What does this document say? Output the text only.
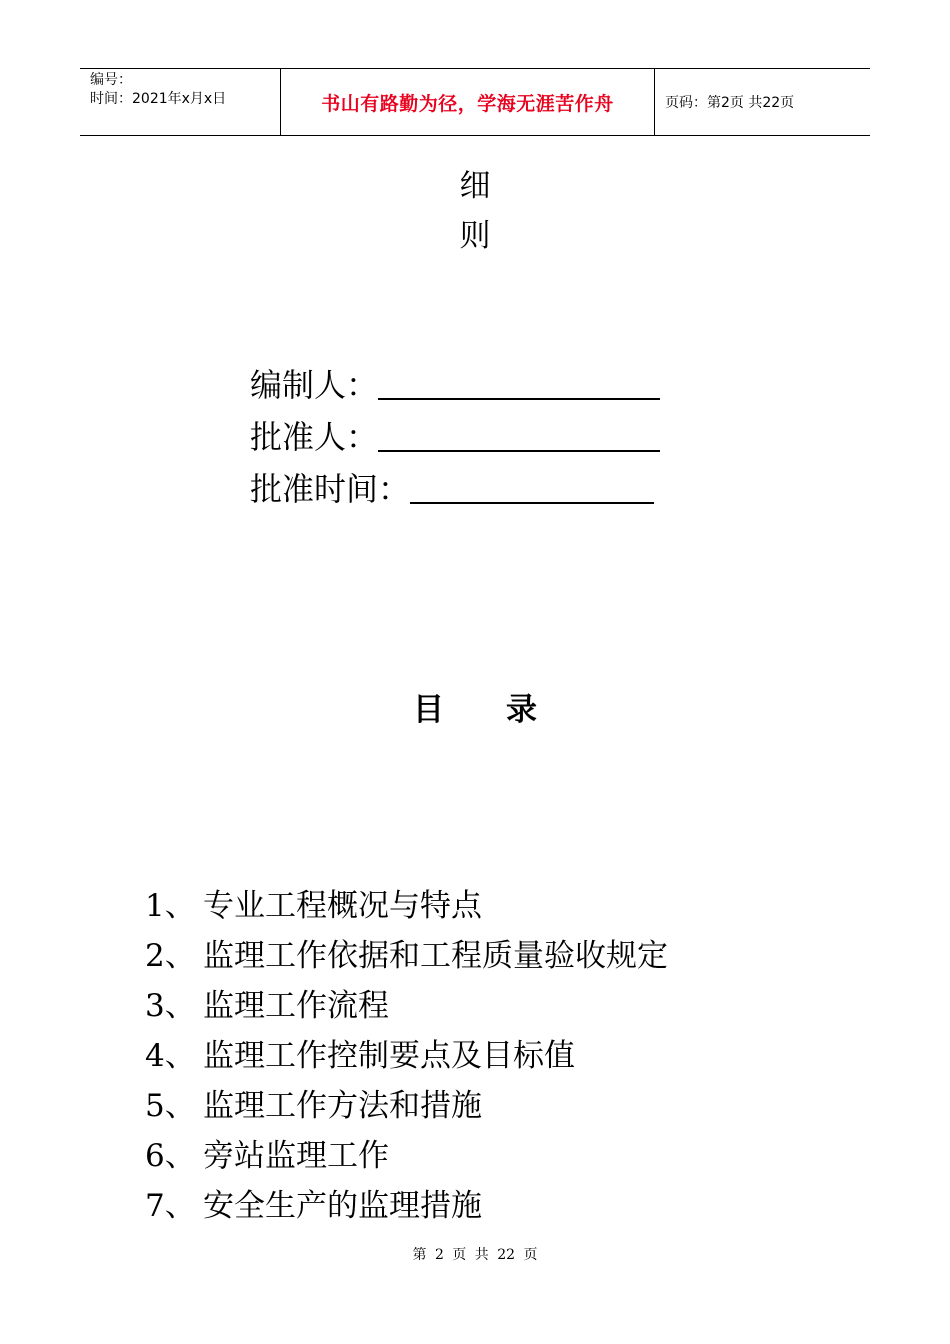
编号：
时间：2021年x月x日	书山有路勤为径，学海无涯苦作舟	页码：第2页 共22页
细
则
编制人：
批准人：
批准时间：
目 录
1、 专业工程概况与特点
2、 监理工作依据和工程质量验收规定
3、 监理工作流程
4、 监理工作控制要点及目标值
5、 监理工作方法和措施
6、 旁站监理工作
7、 安全生产的监理措施
第 2 页 共 22 页
